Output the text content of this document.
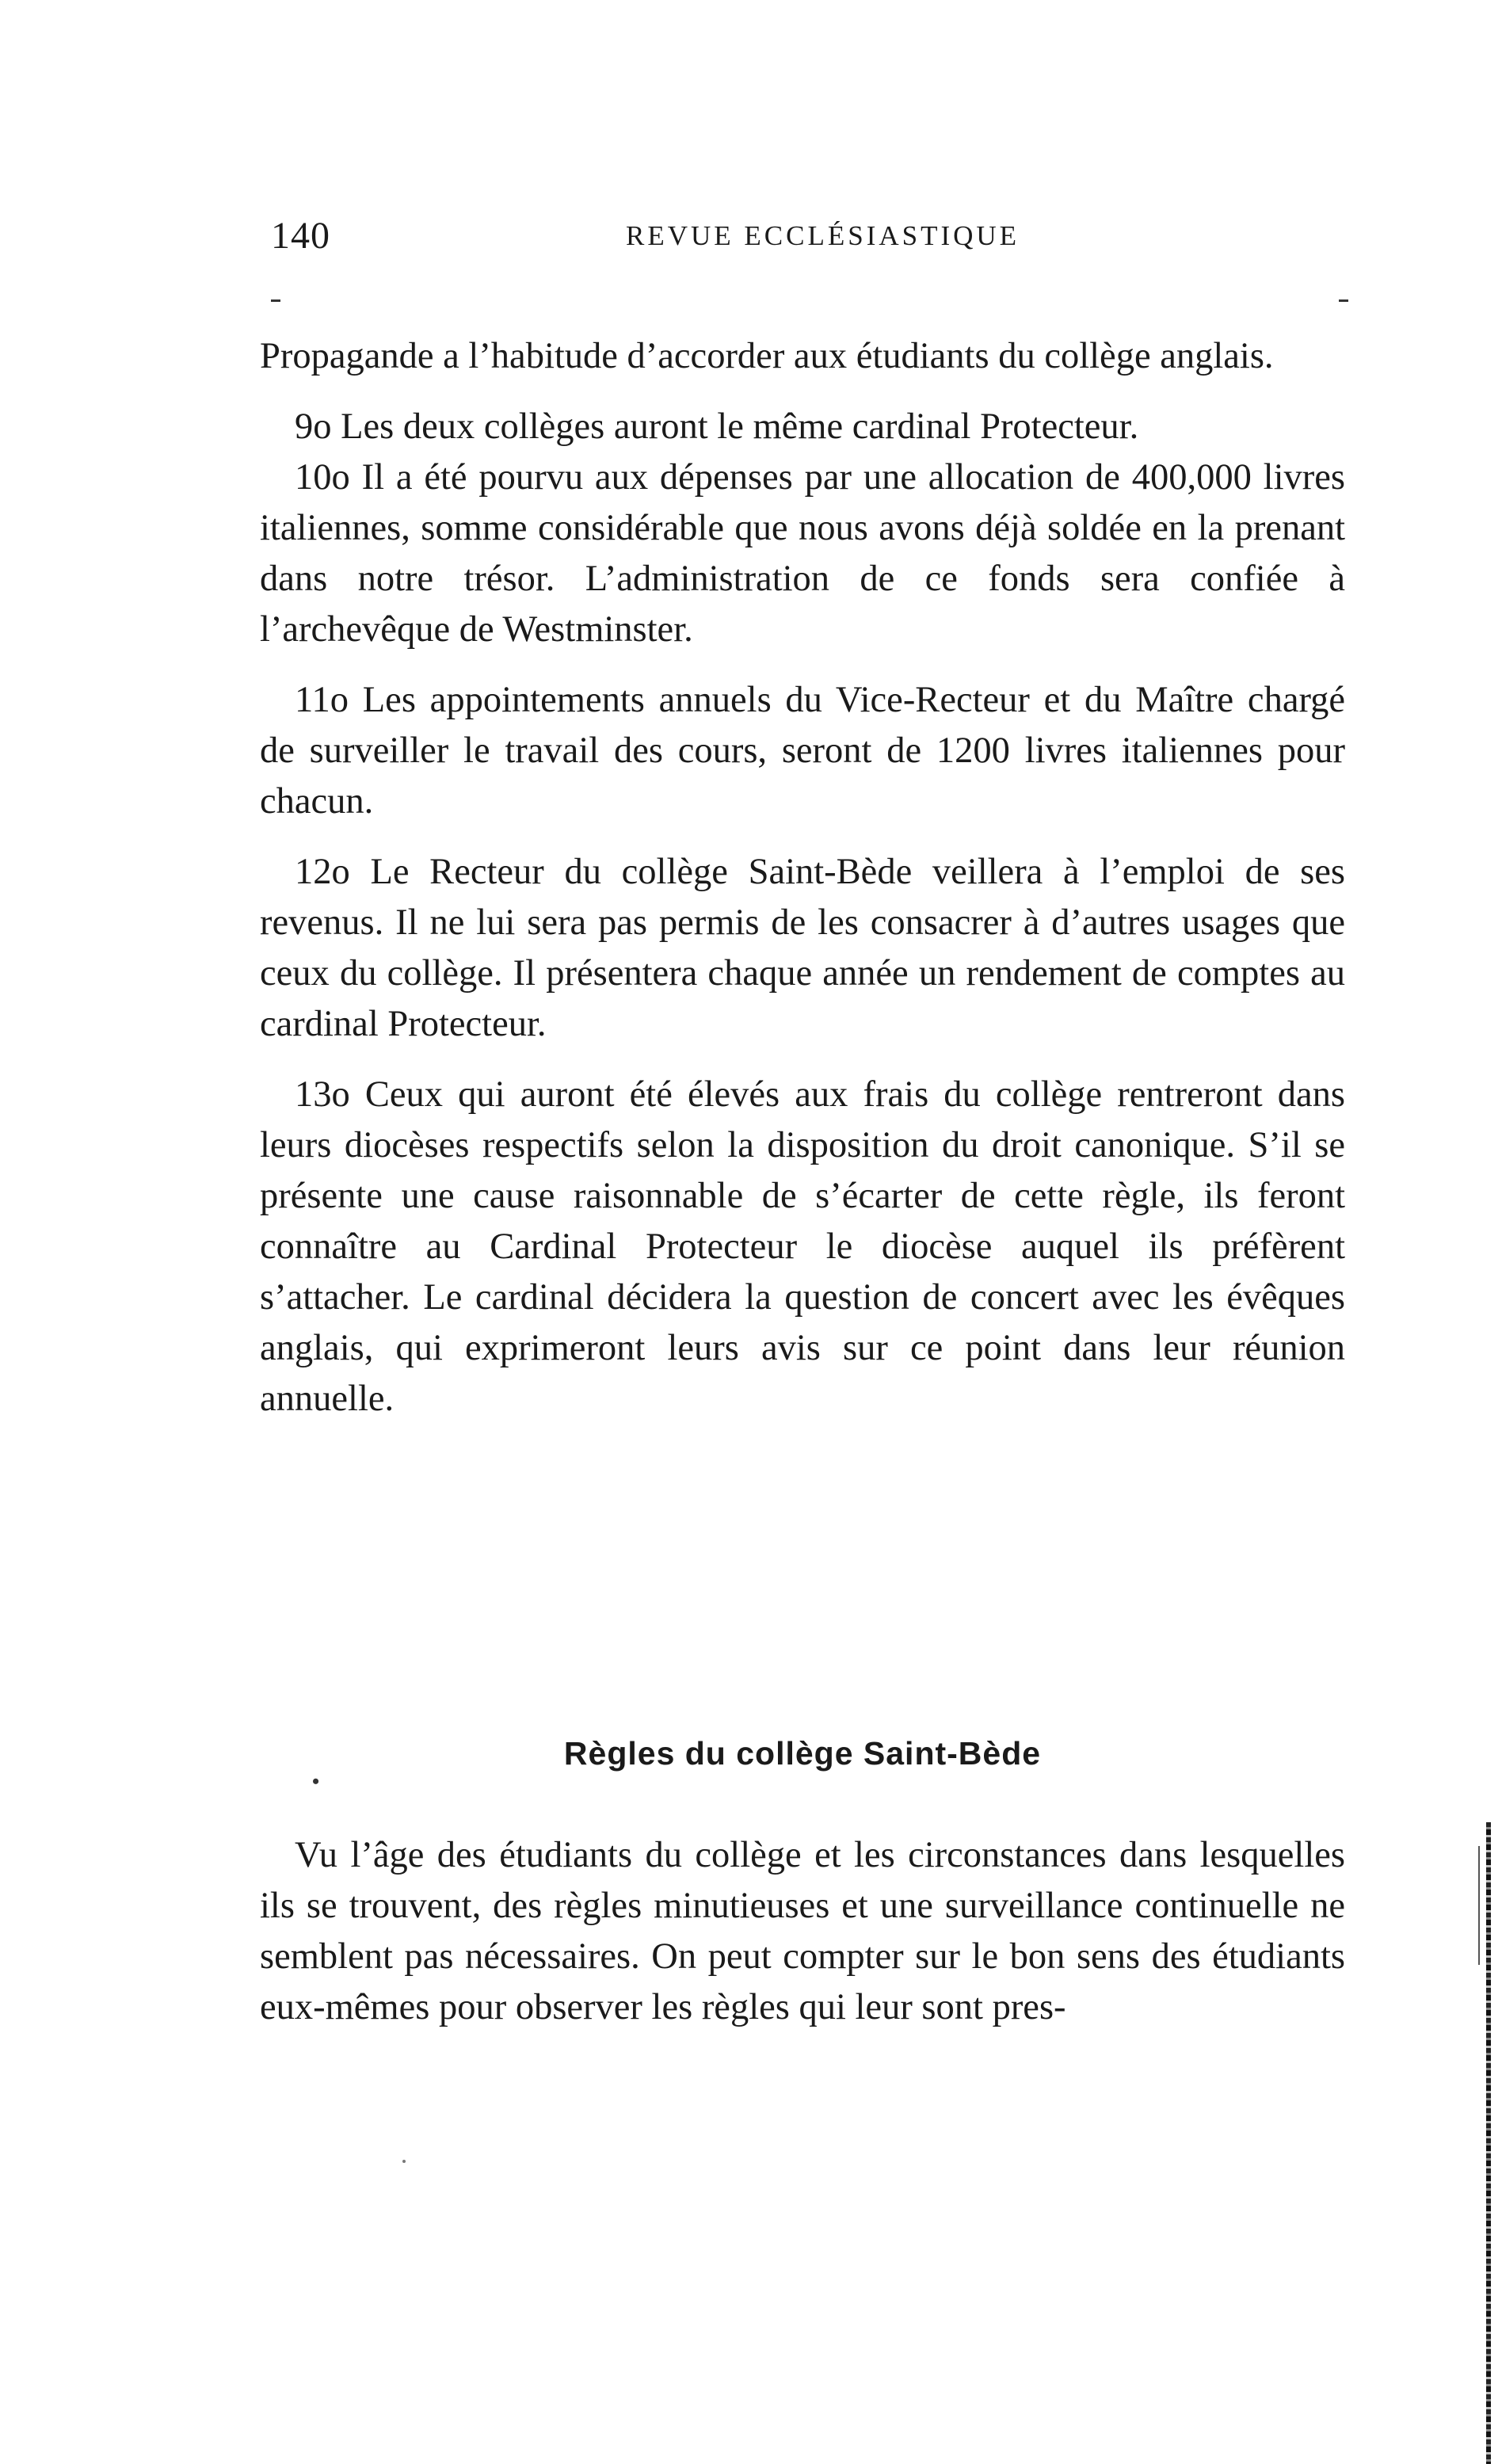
140	REVUE ECCLÉSIASTIQUE

Propagande a l’habitude d’accorder aux étudiants du collège anglais.

9o Les deux collèges auront le même cardinal Protecteur.

10o Il a été pourvu aux dépenses par une allocation de 400,000 livres italiennes, somme considérable que nous avons déjà soldée en la prenant dans notre trésor. L’administration de ce fonds sera confiée à l’archevêque de Westminster.

11o Les appointements annuels du Vice-Recteur et du Maître chargé de surveiller le travail des cours, seront de 1200 livres italiennes pour chacun.

12o Le Recteur du collège Saint-Bède veillera à l’emploi de ses revenus. Il ne lui sera pas permis de les consacrer à d’autres usages que ceux du collège. Il présentera chaque année un rendement de comptes au cardinal Protecteur.

13o Ceux qui auront été élevés aux frais du collège rentreront dans leurs diocèses respectifs selon la disposition du droit canonique. S’il se présente une cause raisonnable de s’écarter de cette règle, ils feront connaître au Cardinal Protecteur le diocèse auquel ils préfèrent s’attacher. Le cardinal décidera la question de concert avec les évêques anglais, qui exprimeront leurs avis sur ce point dans leur réunion annuelle.

•
Règles du collège Saint-Bède

Vu l’âge des étudiants du collège et les circonstances dans lesquelles ils se trouvent, des règles minutieuses et une surveillance continuelle ne semblent pas nécessaires. On peut compter sur le bon sens des étudiants eux-mêmes pour observer les règles qui leur sont pres-
